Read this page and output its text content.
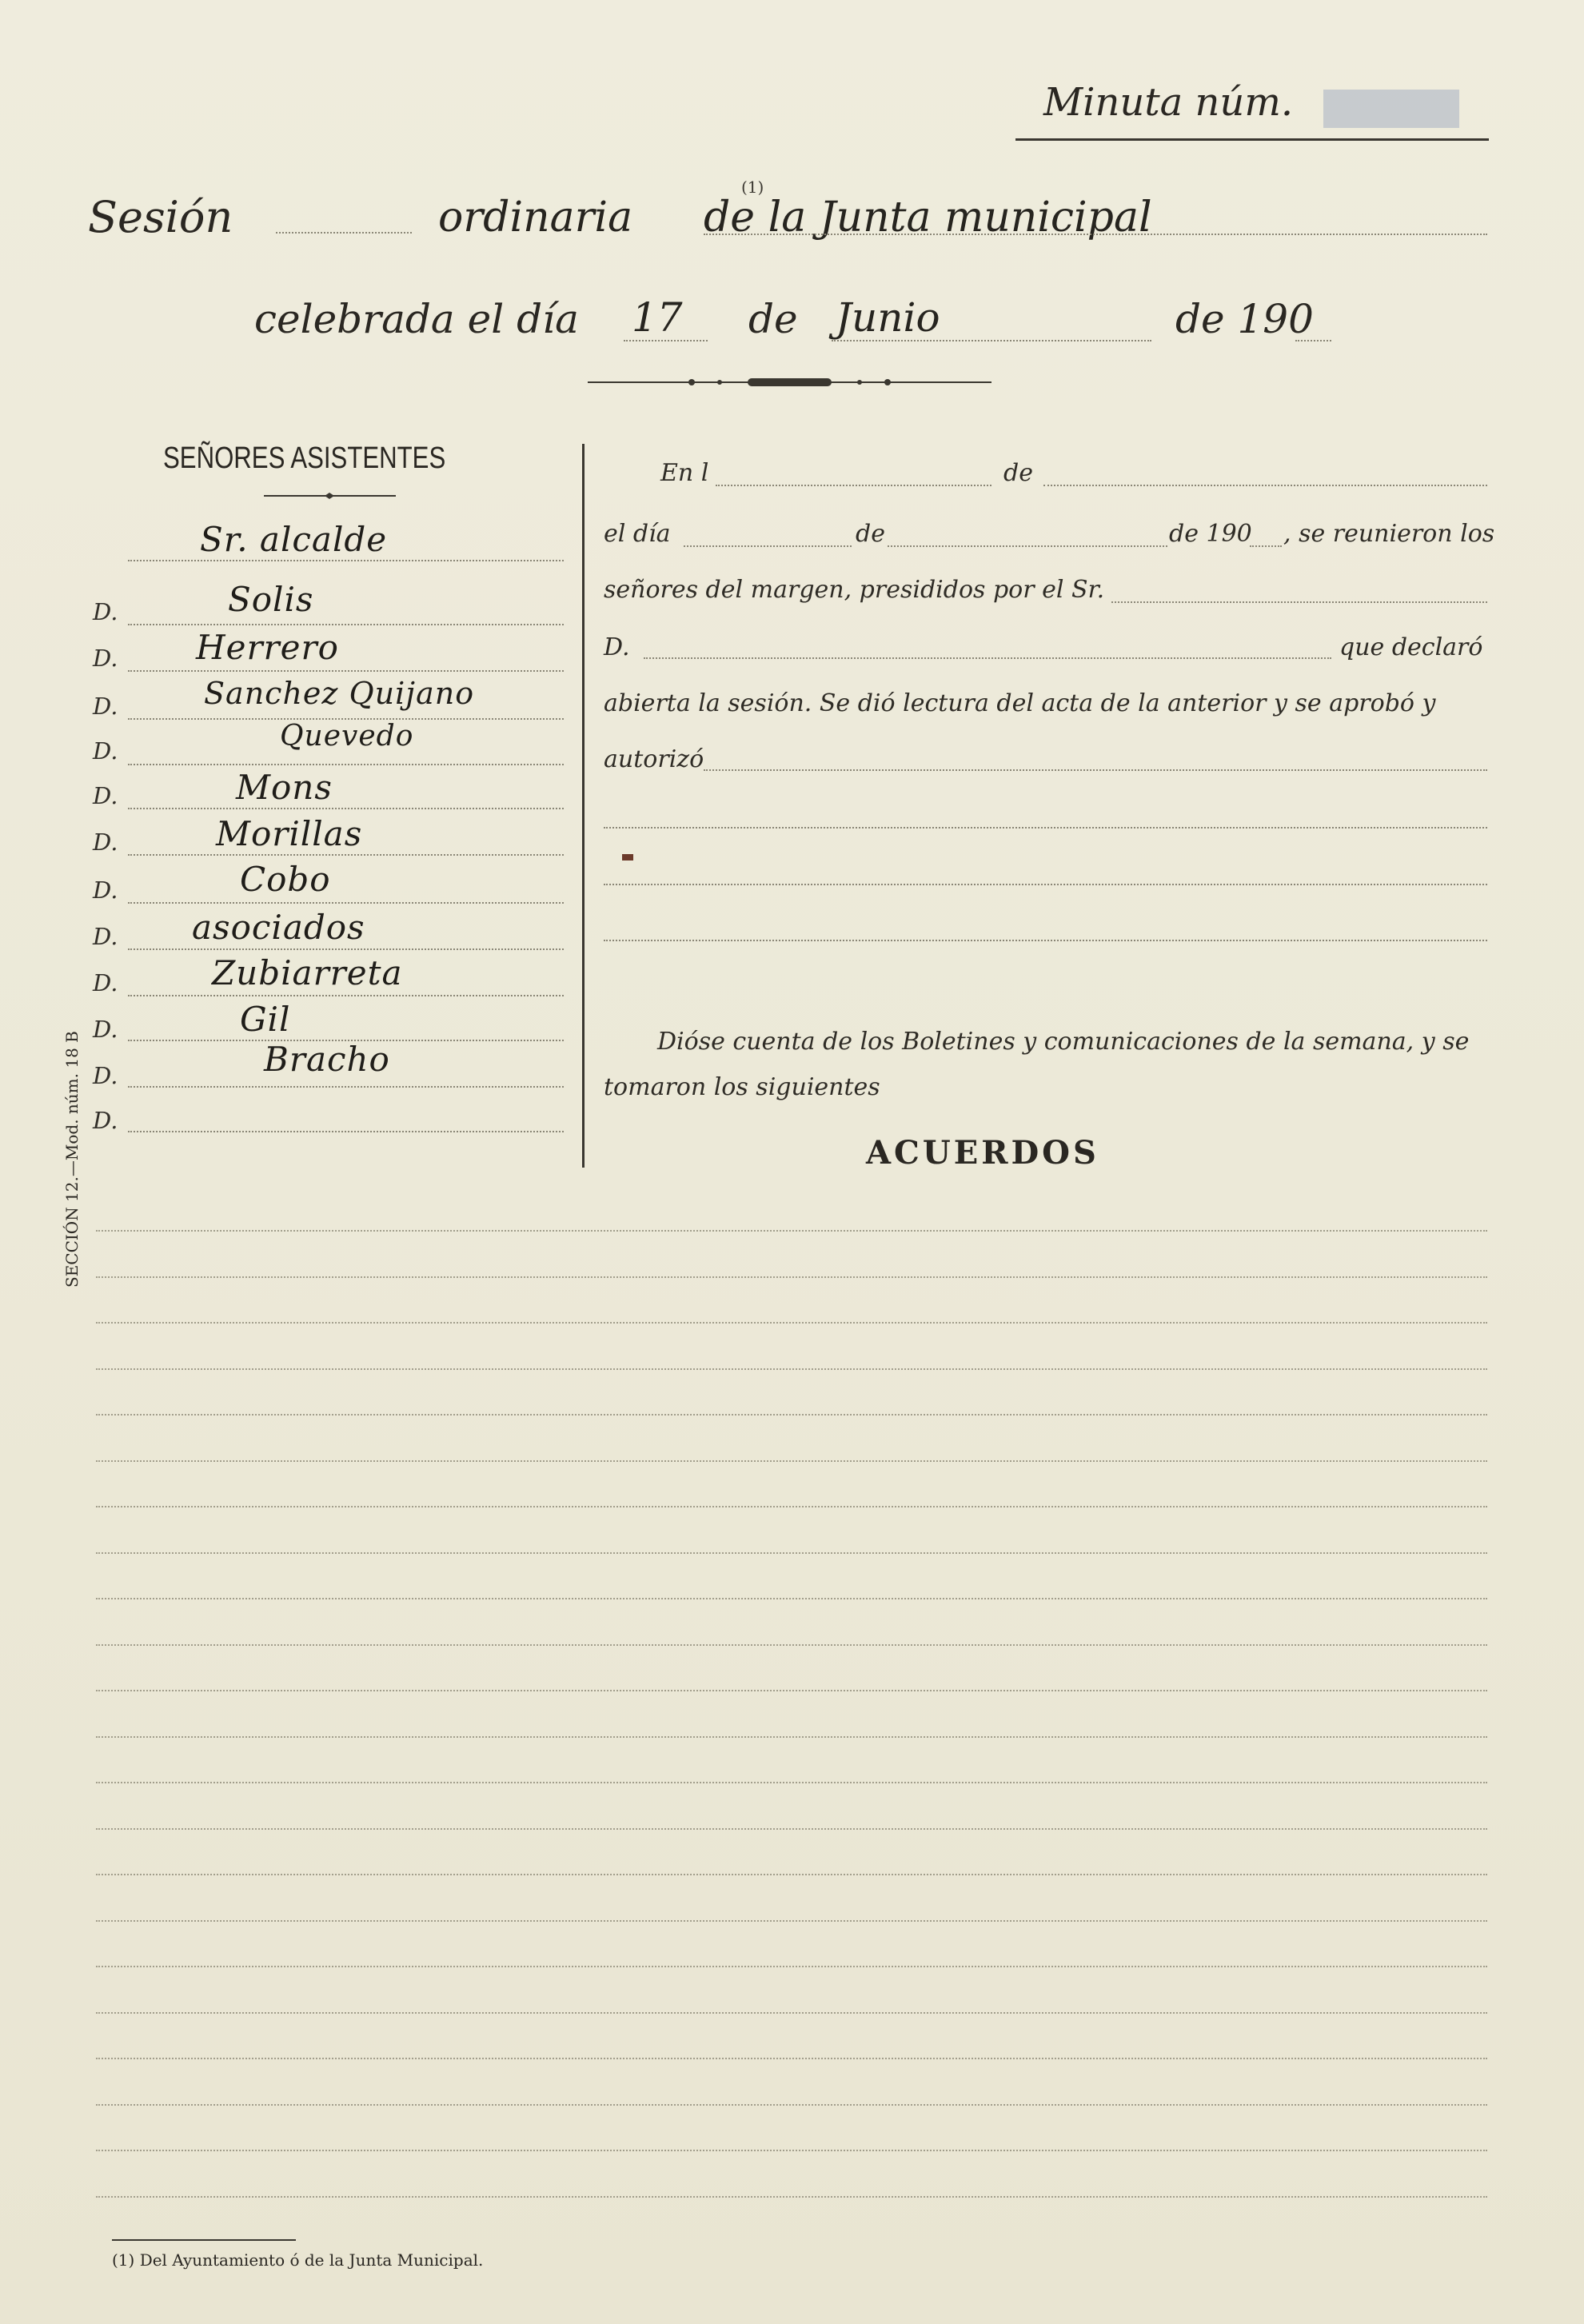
Minuta núm.
Sesión
(1)
ordinaria de la Junta municipal
celebrada el día 17 de Junio	de 190
SEÑORES ASISTENTES
Sr. alcalde
D.	Solis
D. Herrero
D.	Sanchez Quijano
D.	Quevedo
D.	Mons
D.	Morillas
D.	Cobo
D. asociados
D.	Zubiarreta
D.	Gil
D.	Bracho
D.
En l	de
el día	de	de 190 , se reunieron los
señores del margen, presididos por el Sr.
D.	que declaró
abierta la sesión. Se dió lectura del acta de la anterior y se aprobó y
autorizó
Dióse cuenta de los Boletines y comunicaciones de la semana, y se
tomaron los siguientes
ACUERDOS
SECCIÓN 12.—Mod. núm. 18 B
(1) Del Ayuntamiento ó de la Junta Municipal.
